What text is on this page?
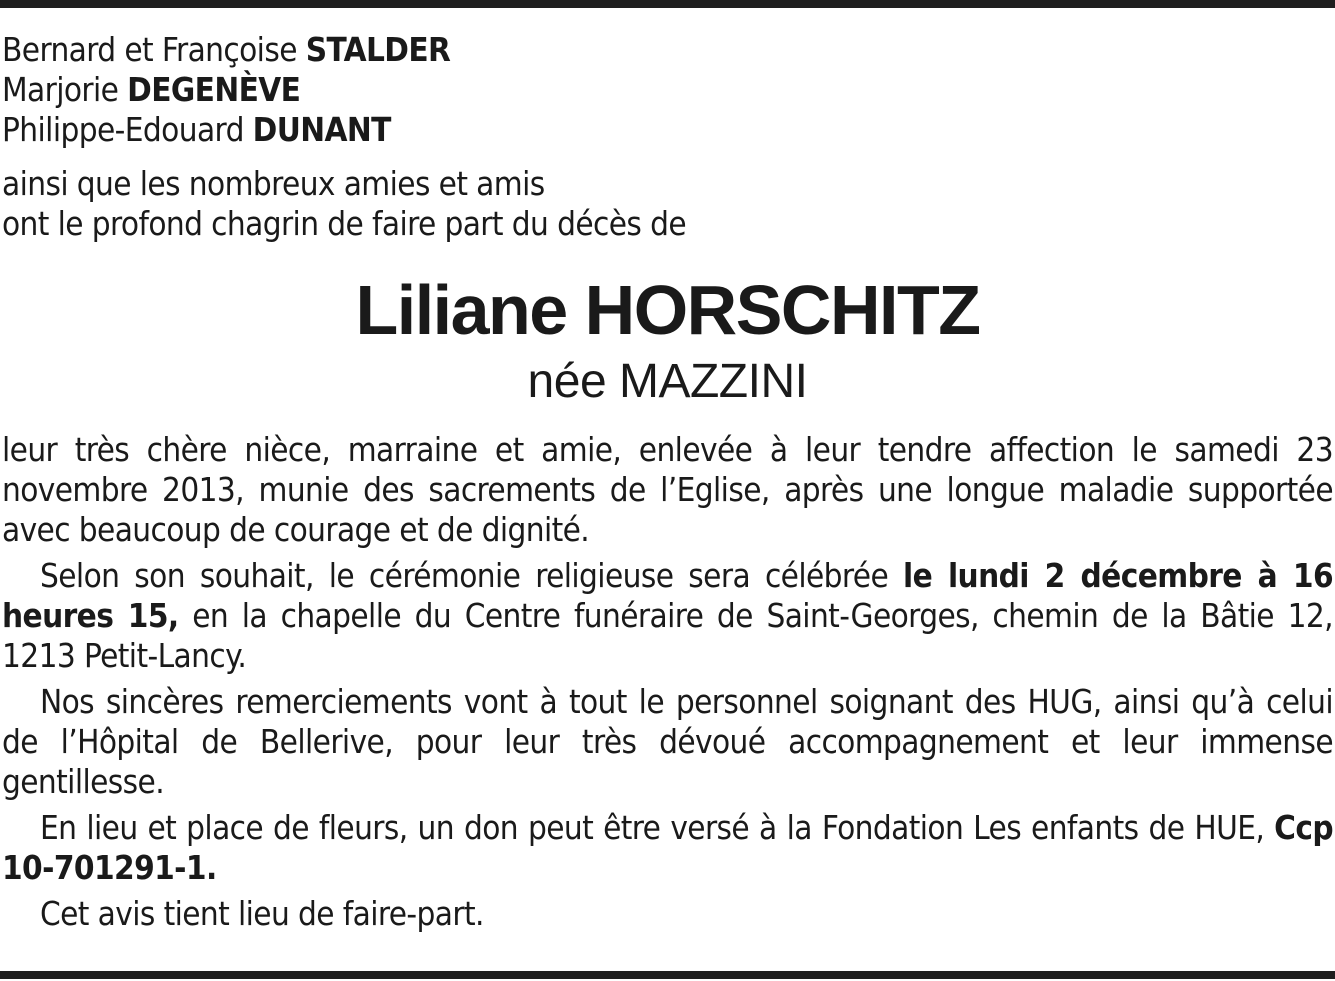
Bernard et Françoise STALDER
Marjorie DEGENÈVE
Philippe-Edouard DUNANT
ainsi que les nombreux amies et amis
ont le profond chagrin de faire part du décès de
Liliane HORSCHITZ
née MAZZINI

leur très chère nièce, marraine et amie, enlevée à leur tendre affection le samedi 23 novembre 2013, munie des sacrements de l’Eglise, après une longue maladie supportée avec beaucoup de courage et de dignité.

Selon son souhait, le cérémonie religieuse sera célébrée le lundi 2 décembre à 16 heures 15, en la chapelle du Centre funéraire de Saint-Georges, chemin de la Bâtie 12, 1213 Petit-Lancy.

Nos sincères remerciements vont à tout le personnel soignant des HUG, ainsi qu’à celui de l’Hôpital de Bellerive, pour leur très dévoué accompagnement et leur immense gentillesse.

En lieu et place de fleurs, un don peut être versé à la Fondation Les enfants de HUE, Ccp 10-701291-1.

Cet avis tient lieu de faire-part.
